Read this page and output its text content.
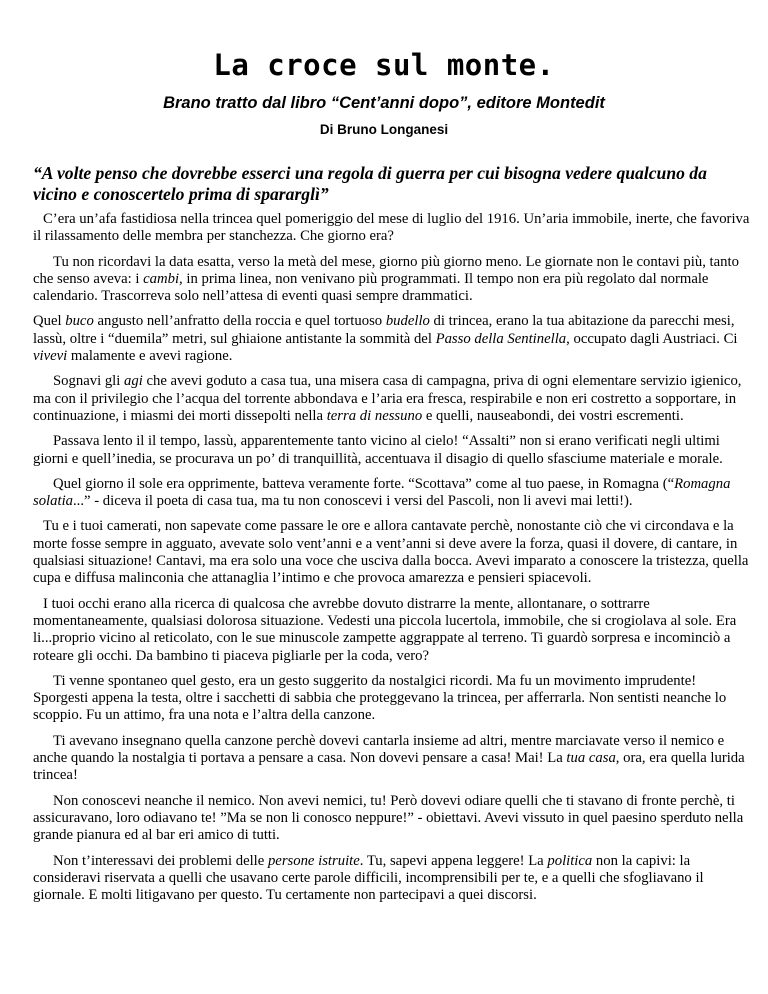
La croce sul monte.
Brano tratto dal libro “Cent’anni dopo”, editore Montedit
Di Bruno Longanesi
“A volte penso che dovrebbe esserci una regola di guerra per cui bisogna vedere qualcuno da vicino e conoscertelo prima di spararglì”

C’era un’afa fastidiosa nella trincea quel pomeriggio del mese di luglio del 1916. Un’aria immobile, inerte, che favoriva il rilassamento delle membra per stanchezza. Che giorno era?

Tu non ricordavi la data esatta, verso la metà del mese, giorno più giorno meno. Le giornate non le contavi più, tanto che senso aveva: i cambi, in prima linea, non venivano più programmati. Il tempo non era più regolato dal normale calendario. Trascorreva solo nell’attesa di eventi quasi sempre drammatici.

Quel buco angusto nell’anfratto della roccia e quel tortuoso budello di trincea, erano la tua abitazione da parecchi mesi, lassù, oltre i “duemila” metri, sul ghiaione antistante la sommità del Passo della Sentinella, occupato dagli Austriaci. Ci vivevi malamente e avevi ragione.

Sognavi gli agi che avevi goduto a casa tua, una misera casa di campagna, priva di ogni elementare servizio igienico, ma con il privilegio che l’acqua del torrente abbondava e l’aria era fresca, respirabile e non eri costretto a sopportare, in continuazione, i miasmi dei morti dissepolti nella terra di nessuno e quelli, nauseabondi, dei vostri escrementi.

Passava lento il il tempo, lassù, apparentemente tanto vicino al cielo! “Assalti” non si erano verificati negli ultimi giorni e quell’inedia, se procurava un po’ di tranquillità, accentuava il disagio di quello sfasciume materiale e morale.

Quel giorno il sole era opprimente, batteva veramente forte. “Scottava” come al tuo paese, in Romagna (“Romagna solatia...” - diceva il poeta di casa tua, ma tu non conoscevi i versi del Pascoli, non li avevi mai letti!).

Tu e i tuoi camerati, non sapevate come passare le ore e allora cantavate perchè, nonostante ciò che vi circondava e la morte fosse sempre in agguato, avevate solo vent’anni e a vent’anni si deve avere la forza, quasi il dovere, di cantare, in qualsiasi situazione! Cantavi, ma era solo una voce che usciva dalla bocca. Avevi imparato a conoscere la tristezza, quella cupa e diffusa malinconia che attanaglia l’intimo e che provoca amarezza e pensieri spiacevoli.

I tuoi occhi erano alla ricerca di qualcosa che avrebbe dovuto distrarre la mente, allontanare, o sottrarre momentaneamente, qualsiasi dolorosa situazione. Vedesti una piccola lucertola, immobile, che si crogiolava al sole. Era li...proprio vicino al reticolato, con le sue minuscole zampette aggrappate al terreno. Ti guardò sorpresa e incominciò a roteare gli occhi. Da bambino ti piaceva pigliarle per la coda, vero?

Ti venne spontaneo quel gesto, era un gesto suggerito da nostalgici ricordi. Ma fu un movimento imprudente! Sporgesti appena la testa, oltre i sacchetti di sabbia che proteggevano la trincea, per afferrarla. Non sentisti neanche lo scoppio. Fu un attimo, fra una nota e l’altra della canzone.

Ti avevano insegnano quella canzone perchè dovevi cantarla insieme ad altri, mentre marciavate verso il nemico e anche quando la nostalgia ti portava a pensare a casa. Non dovevi pensare a casa! Mai! La tua casa, ora, era quella lurida trincea!

Non conoscevi neanche il nemico. Non avevi nemici, tu! Però dovevi odiare quelli che ti stavano di fronte perchè, ti assicuravano, loro odiavano te! ”Ma se non li conosco neppure!” - obiettavi. Avevi vissuto in quel paesino sperduto nella grande pianura ed al bar eri amico di tutti.

Non t’interessavi dei problemi delle persone istruite. Tu, sapevi appena leggere! La politica non la capivi: la consideravi riservata a quelli che usavano certe parole difficili, incomprensibili per te, e a quelli che sfogliavano il giornale. E molti litigavano per questo. Tu certamente non partecipavi a quei discorsi.
